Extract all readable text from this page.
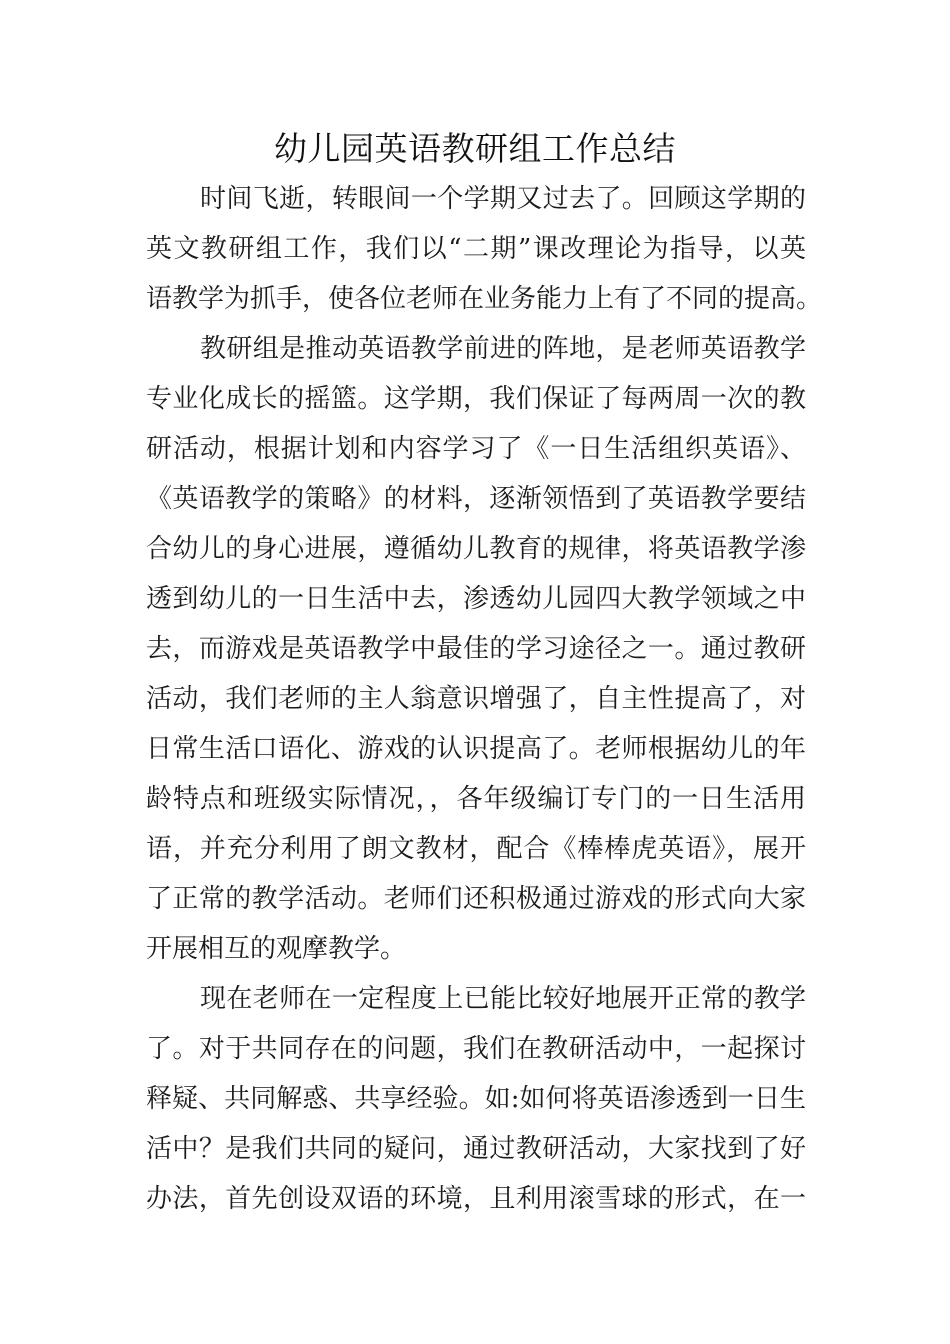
幼儿园英语教研组工作总结
时间飞逝，转眼间一个学期又过去了。回顾这学期的
英文教研组工作，我们以“二期”课改理论为指导，以英
语教学为抓手，使各位老师在业务能力上有了不同的提高。
教研组是推动英语教学前进的阵地，是老师英语教学
专业化成长的摇篮。这学期，我们保证了每两周一次的教
研活动，根据计划和内容学习了《一日生活组织英语》、
《英语教学的策略》的材料，逐渐领悟到了英语教学要结
合幼儿的身心进展，遵循幼儿教育的规律，将英语教学渗
透到幼儿的一日生活中去，渗透幼儿园四大教学领域之中
去，而游戏是英语教学中最佳的学习途径之一。通过教研
活动，我们老师的主人翁意识增强了，自主性提高了，对
日常生活口语化、游戏的认识提高了。老师根据幼儿的年
龄特点和班级实际情况，，各年级编订专门的一日生活用
语，并充分利用了朗文教材，配合《棒棒虎英语》，展开
了正常的教学活动。老师们还积极通过游戏的形式向大家
开展相互的观摩教学。
现在老师在一定程度上已能比较好地展开正常的教学
了。对于共同存在的问题，我们在教研活动中，一起探讨
释疑、共同解惑、共享经验。如:如何将英语渗透到一日生
活中？是我们共同的疑问，通过教研活动，大家找到了好
办法，首先创设双语的环境，且利用滚雪球的形式，在一
